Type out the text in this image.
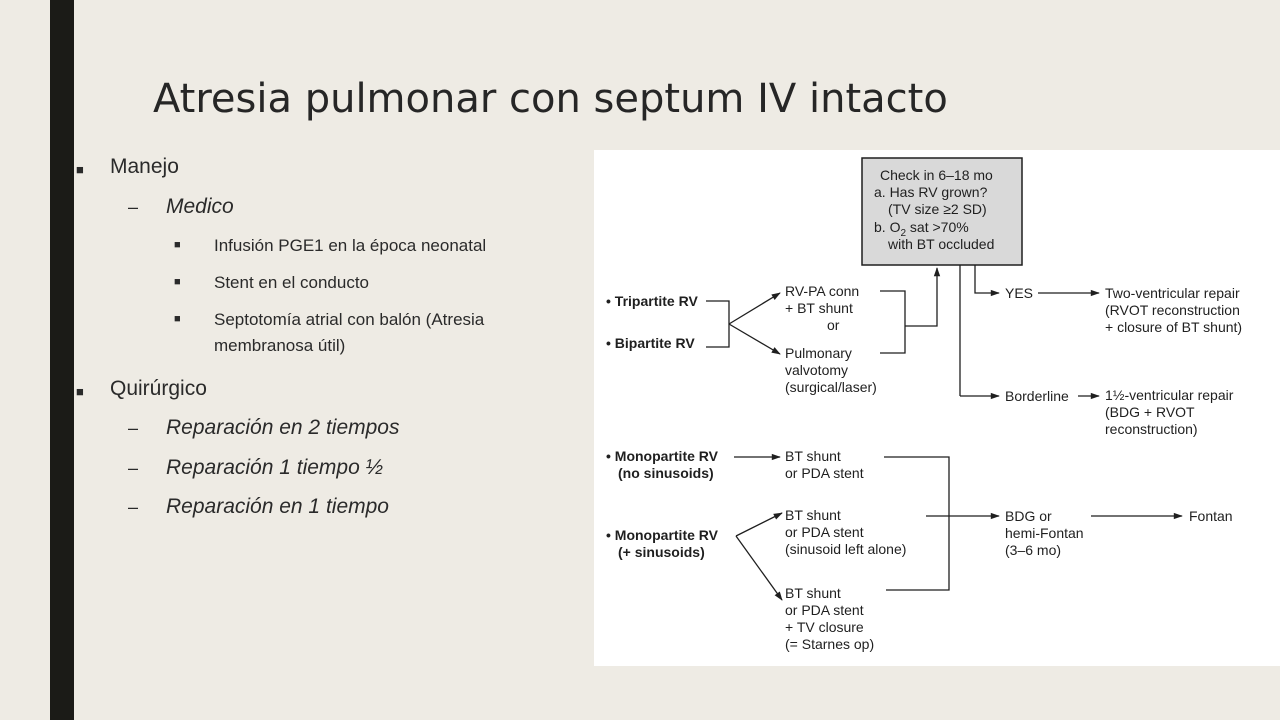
Atresia pulmonar con septum IV intacto
■ Manejo
– Medico
■ Infusión PGE1 en la época neonatal
■ Stent en el conducto
■ Septotomía atrial con balón (Atresia
membranosa útil)
■ Quirúrgico
– Reparación en 2 tiempos
– Reparación 1 tiempo ½
– Reparación en 1 tiempo
Check in 6–18 mo
a. Has RV grown?
(TV size ≥2 SD)
b. $O_2$ sat >70%
with BT occluded
• Tripartite RV
• Bipartite RV
RV-PA conn
+ BT shunt
or
Pulmonary
valvotomy
(surgical/laser)
YES
Borderline
Two-ventricular repair
(RVOT reconstruction
+ closure of BT shunt)
1½-ventricular repair
(BDG + RVOT
reconstruction)
• Monopartite RV
(no sinusoids)
BT shunt
or PDA stent
• Monopartite RV
(+ sinusoids)
BT shunt
or PDA stent
(sinusoid left alone)
BT shunt
or PDA stent
+ TV closure
(= Starnes op)
BDG or
hemi-Fontan
(3–6 mo)
Fontan
